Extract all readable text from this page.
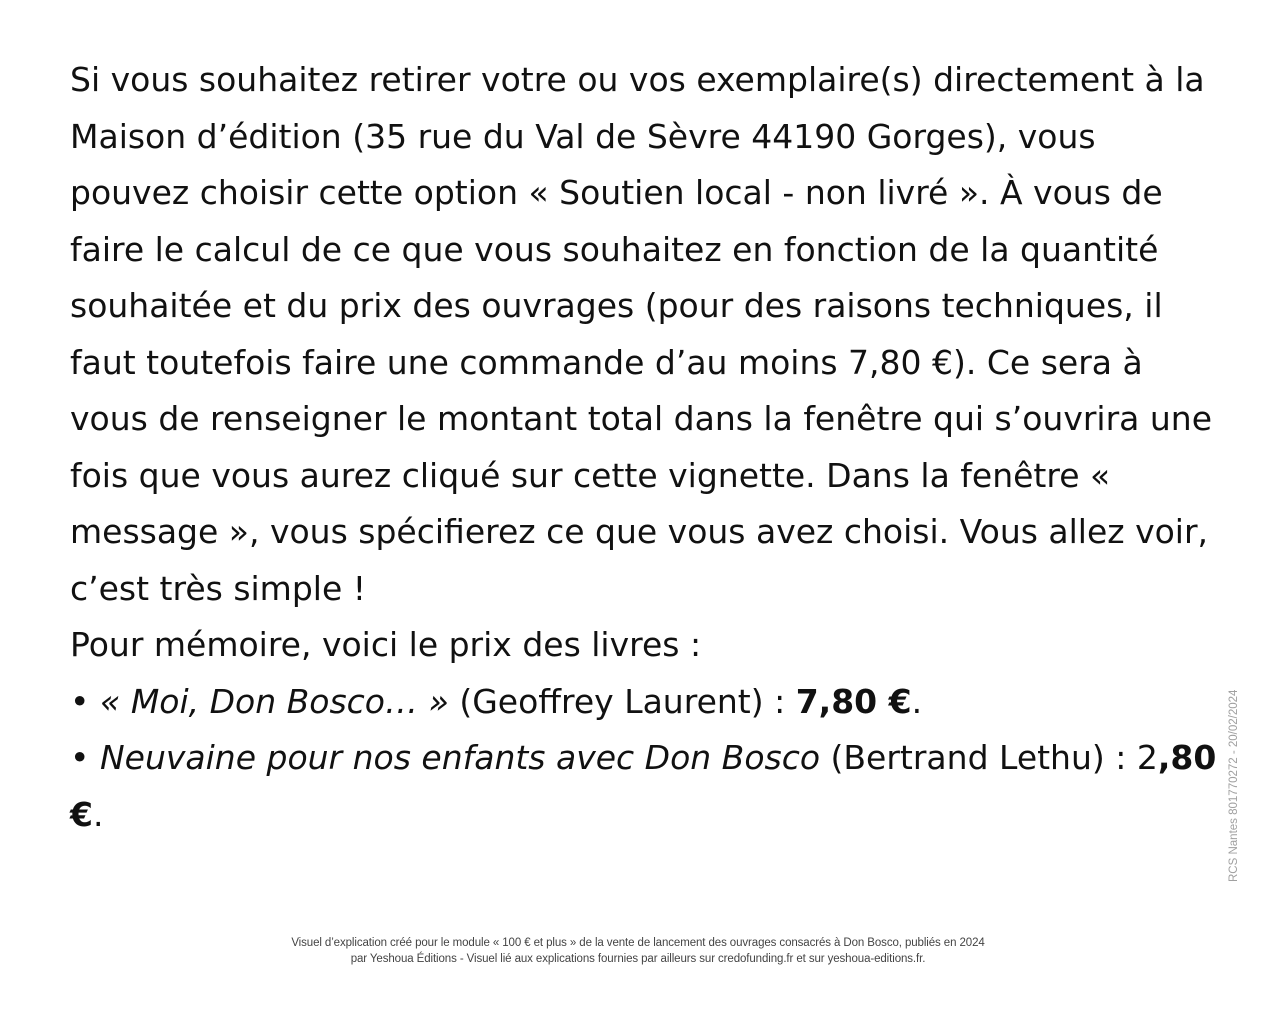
Si vous souhaitez retirer votre ou vos exemplaire(s) directement à la Maison d’édition (35 rue du Val de Sèvre 44190 Gorges), vous pouvez choisir cette option « Soutien local - non livré ». À vous de faire le calcul de ce que vous souhaitez en fonction de la quantité souhaitée et du prix des ouvrages (pour des raisons techniques, il faut toutefois faire une commande d’au moins 7,80 €). Ce sera à vous de renseigner le montant total dans la fenêtre qui s’ouvrira une fois que vous aurez cliqué sur cette vignette. Dans la fenêtre « message », vous spécifierez ce que vous avez choisi. Vous allez voir, c’est très simple !

Pour mémoire, voici le prix des livres :

• « Moi, Don Bosco… » (Geoffrey Laurent) : 7,80 €.

• Neuvaine pour nos enfants avec Don Bosco (Bertrand Lethu) : 2,80 €.	RCS Nantes 801770272 - 20/02/2024
Visuel d’explication créé pour le module « 100 € et plus » de la vente de lancement des ouvrages consacrés à Don Bosco, publiés en 2024
par Yeshoua Éditions - Visuel lié aux explications fournies par ailleurs sur credofunding.fr et sur yeshoua-editions.fr.
